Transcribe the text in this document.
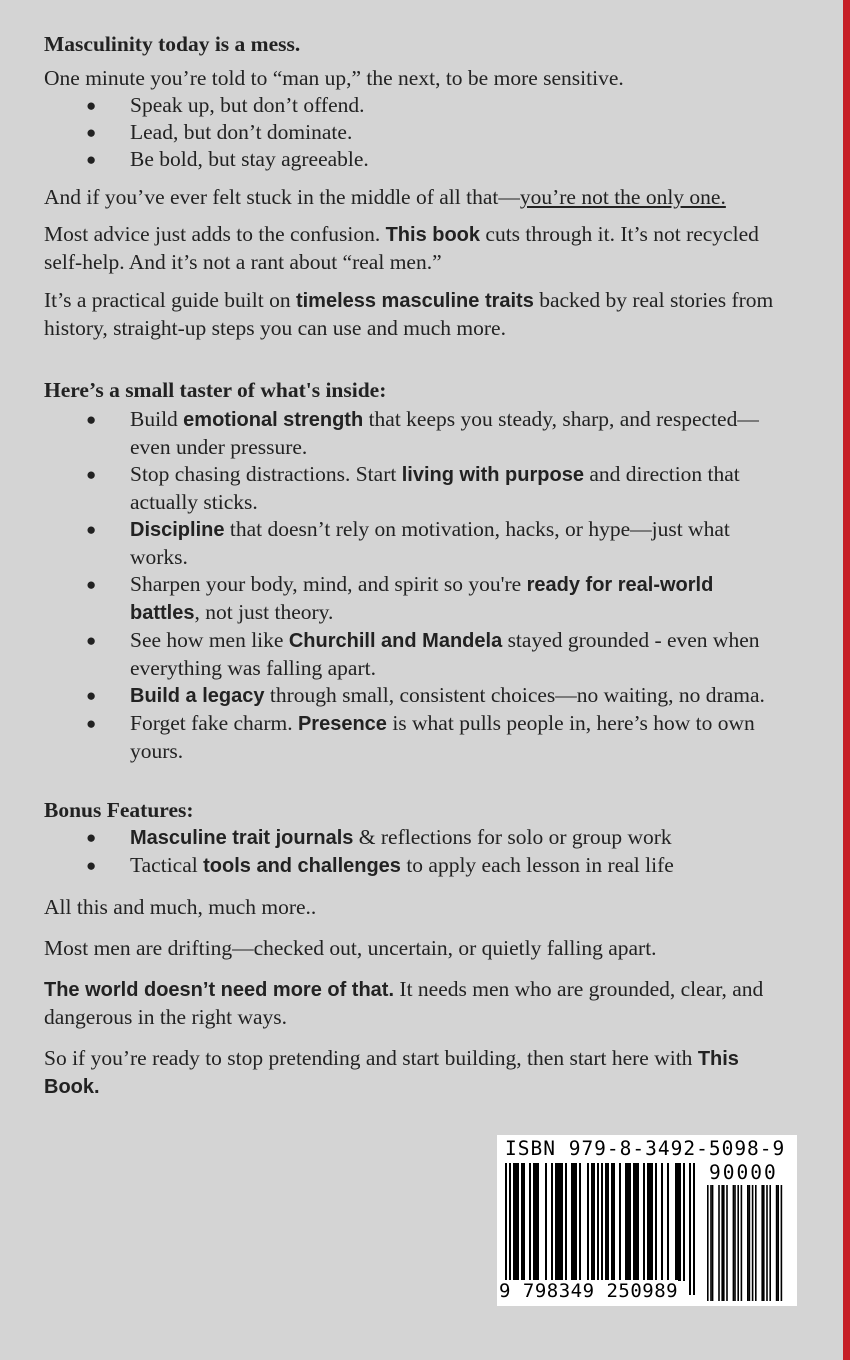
Masculinity today is a mess.

One minute you’re told to “man up,” the next, to be more sensitive.

● Speak up, but don’t offend.
● Lead, but don’t dominate.
● Be bold, but stay agreeable.

And if you’ve ever felt stuck in the middle of all that—you’re not the only one.

Most advice just adds to the confusion. This book cuts through it. It’s not recycled self-help. And it’s not a rant about “real men.”

It’s a practical guide built on timeless masculine traits backed by real stories from history, straight-up steps you can use and much more.

Here’s a small taster of what's inside:

● Build emotional strength that keeps you steady, sharp, and respected—even under pressure.
● Stop chasing distractions. Start living with purpose and direction that actually sticks.
● Discipline that doesn’t rely on motivation, hacks, or hype—just what works.
● Sharpen your body, mind, and spirit so you're ready for real-world battles, not just theory.
● See how men like Churchill and Mandela stayed grounded - even when everything was falling apart.
● Build a legacy through small, consistent choices—no waiting, no drama.
● Forget fake charm. Presence is what pulls people in, here’s how to own yours.

Bonus Features:

● Masculine trait journals & reflections for solo or group work
● Tactical tools and challenges to apply each lesson in real life

All this and much, much more..

Most men are drifting—checked out, uncertain, or quietly falling apart.

The world doesn’t need more of that. It needs men who are grounded, clear, and dangerous in the right ways.

So if you’re ready to stop pretending and start building, then start here with This Book.

ISBN 979-8-3492-5098-9
90000
9 798349 250989
